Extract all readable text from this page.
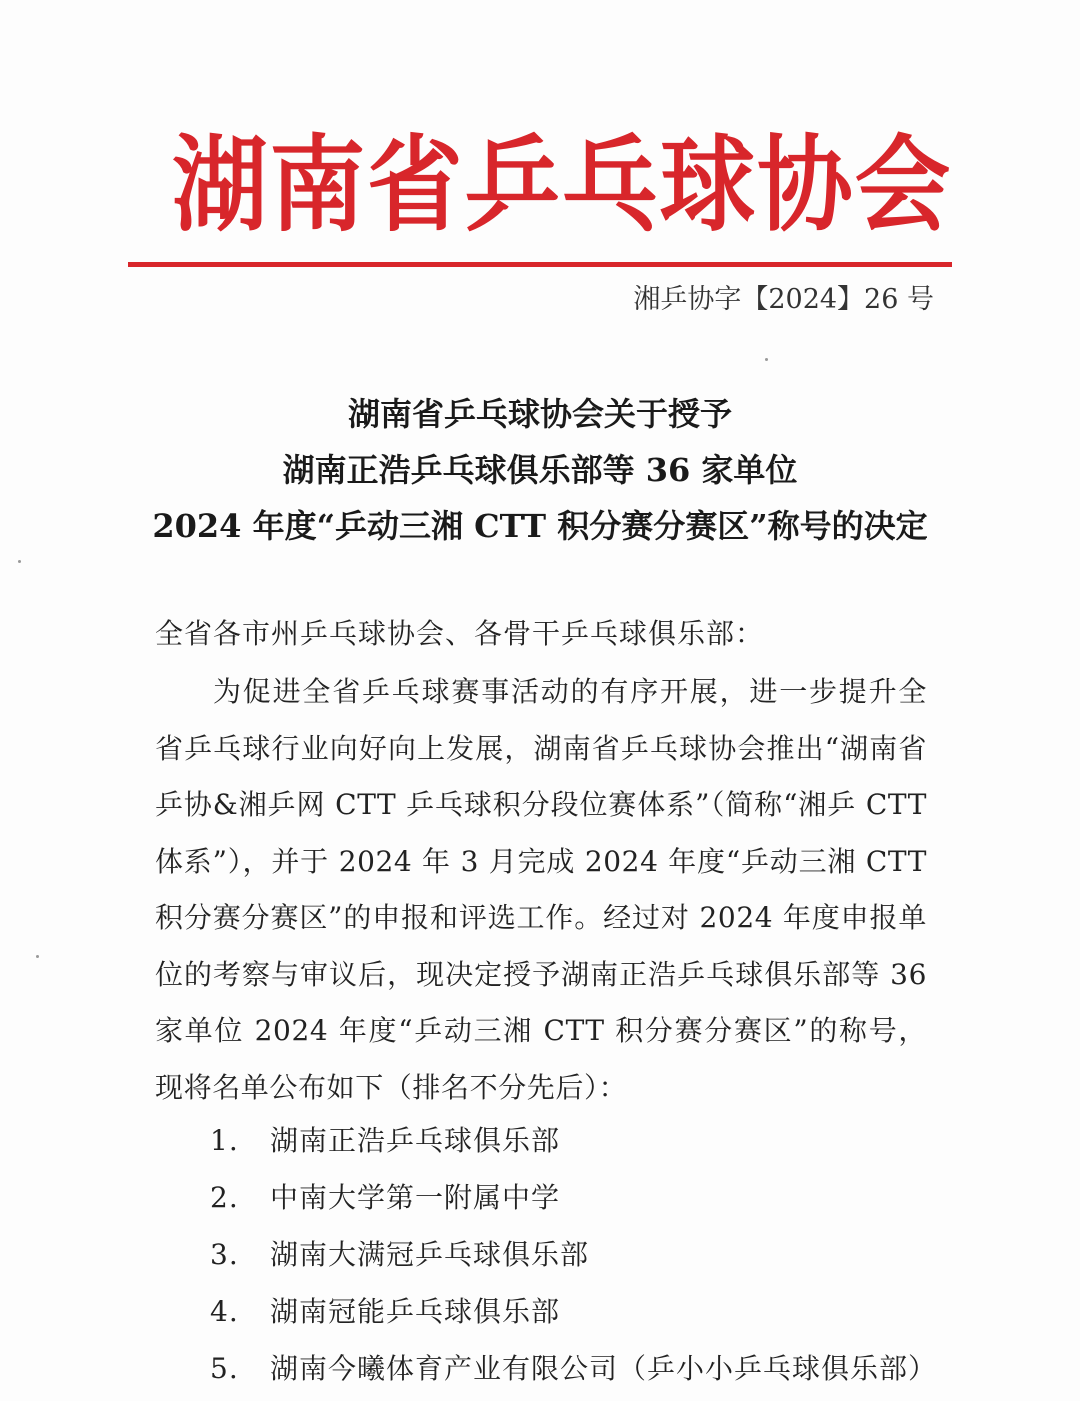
湖南省乒乓球协会
湘乒协字【2024】26 号
湖南省乒乓球协会关于授予
湖南正浩乒乓球俱乐部等 36 家单位
2024 年度“乒动三湘 CTT 积分赛分赛区”称号的决定
全省各市州乒乓球协会、各骨干乒乓球俱乐部：

为促进全省乒乓球赛事活动的有序开展，进一步提升全省乒乓球行业向好向上发展，湖南省乒乓球协会推出“湖南省乒协&湘乒网 CTT 乒乓球积分段位赛体系”（简称“湘乒 CTT 体系”），并于 2024 年 3 月完成 2024 年度“乒动三湘 CTT 积分赛分赛区”的申报和评选工作。经过对 2024 年度申报单位的考察与审议后，现决定授予湖南正浩乒乓球俱乐部等 36 家单位 2024 年度“乒动三湘 CTT 积分赛分赛区”的称号，现将名单公布如下（排名不分先后）：

1. 湖南正浩乒乓球俱乐部
2. 中南大学第一附属中学
3. 湖南大满冠乒乓球俱乐部
4. 湖南冠能乒乓球俱乐部
5. 湖南今曦体育产业有限公司（乒小小乒乓球俱乐部）
